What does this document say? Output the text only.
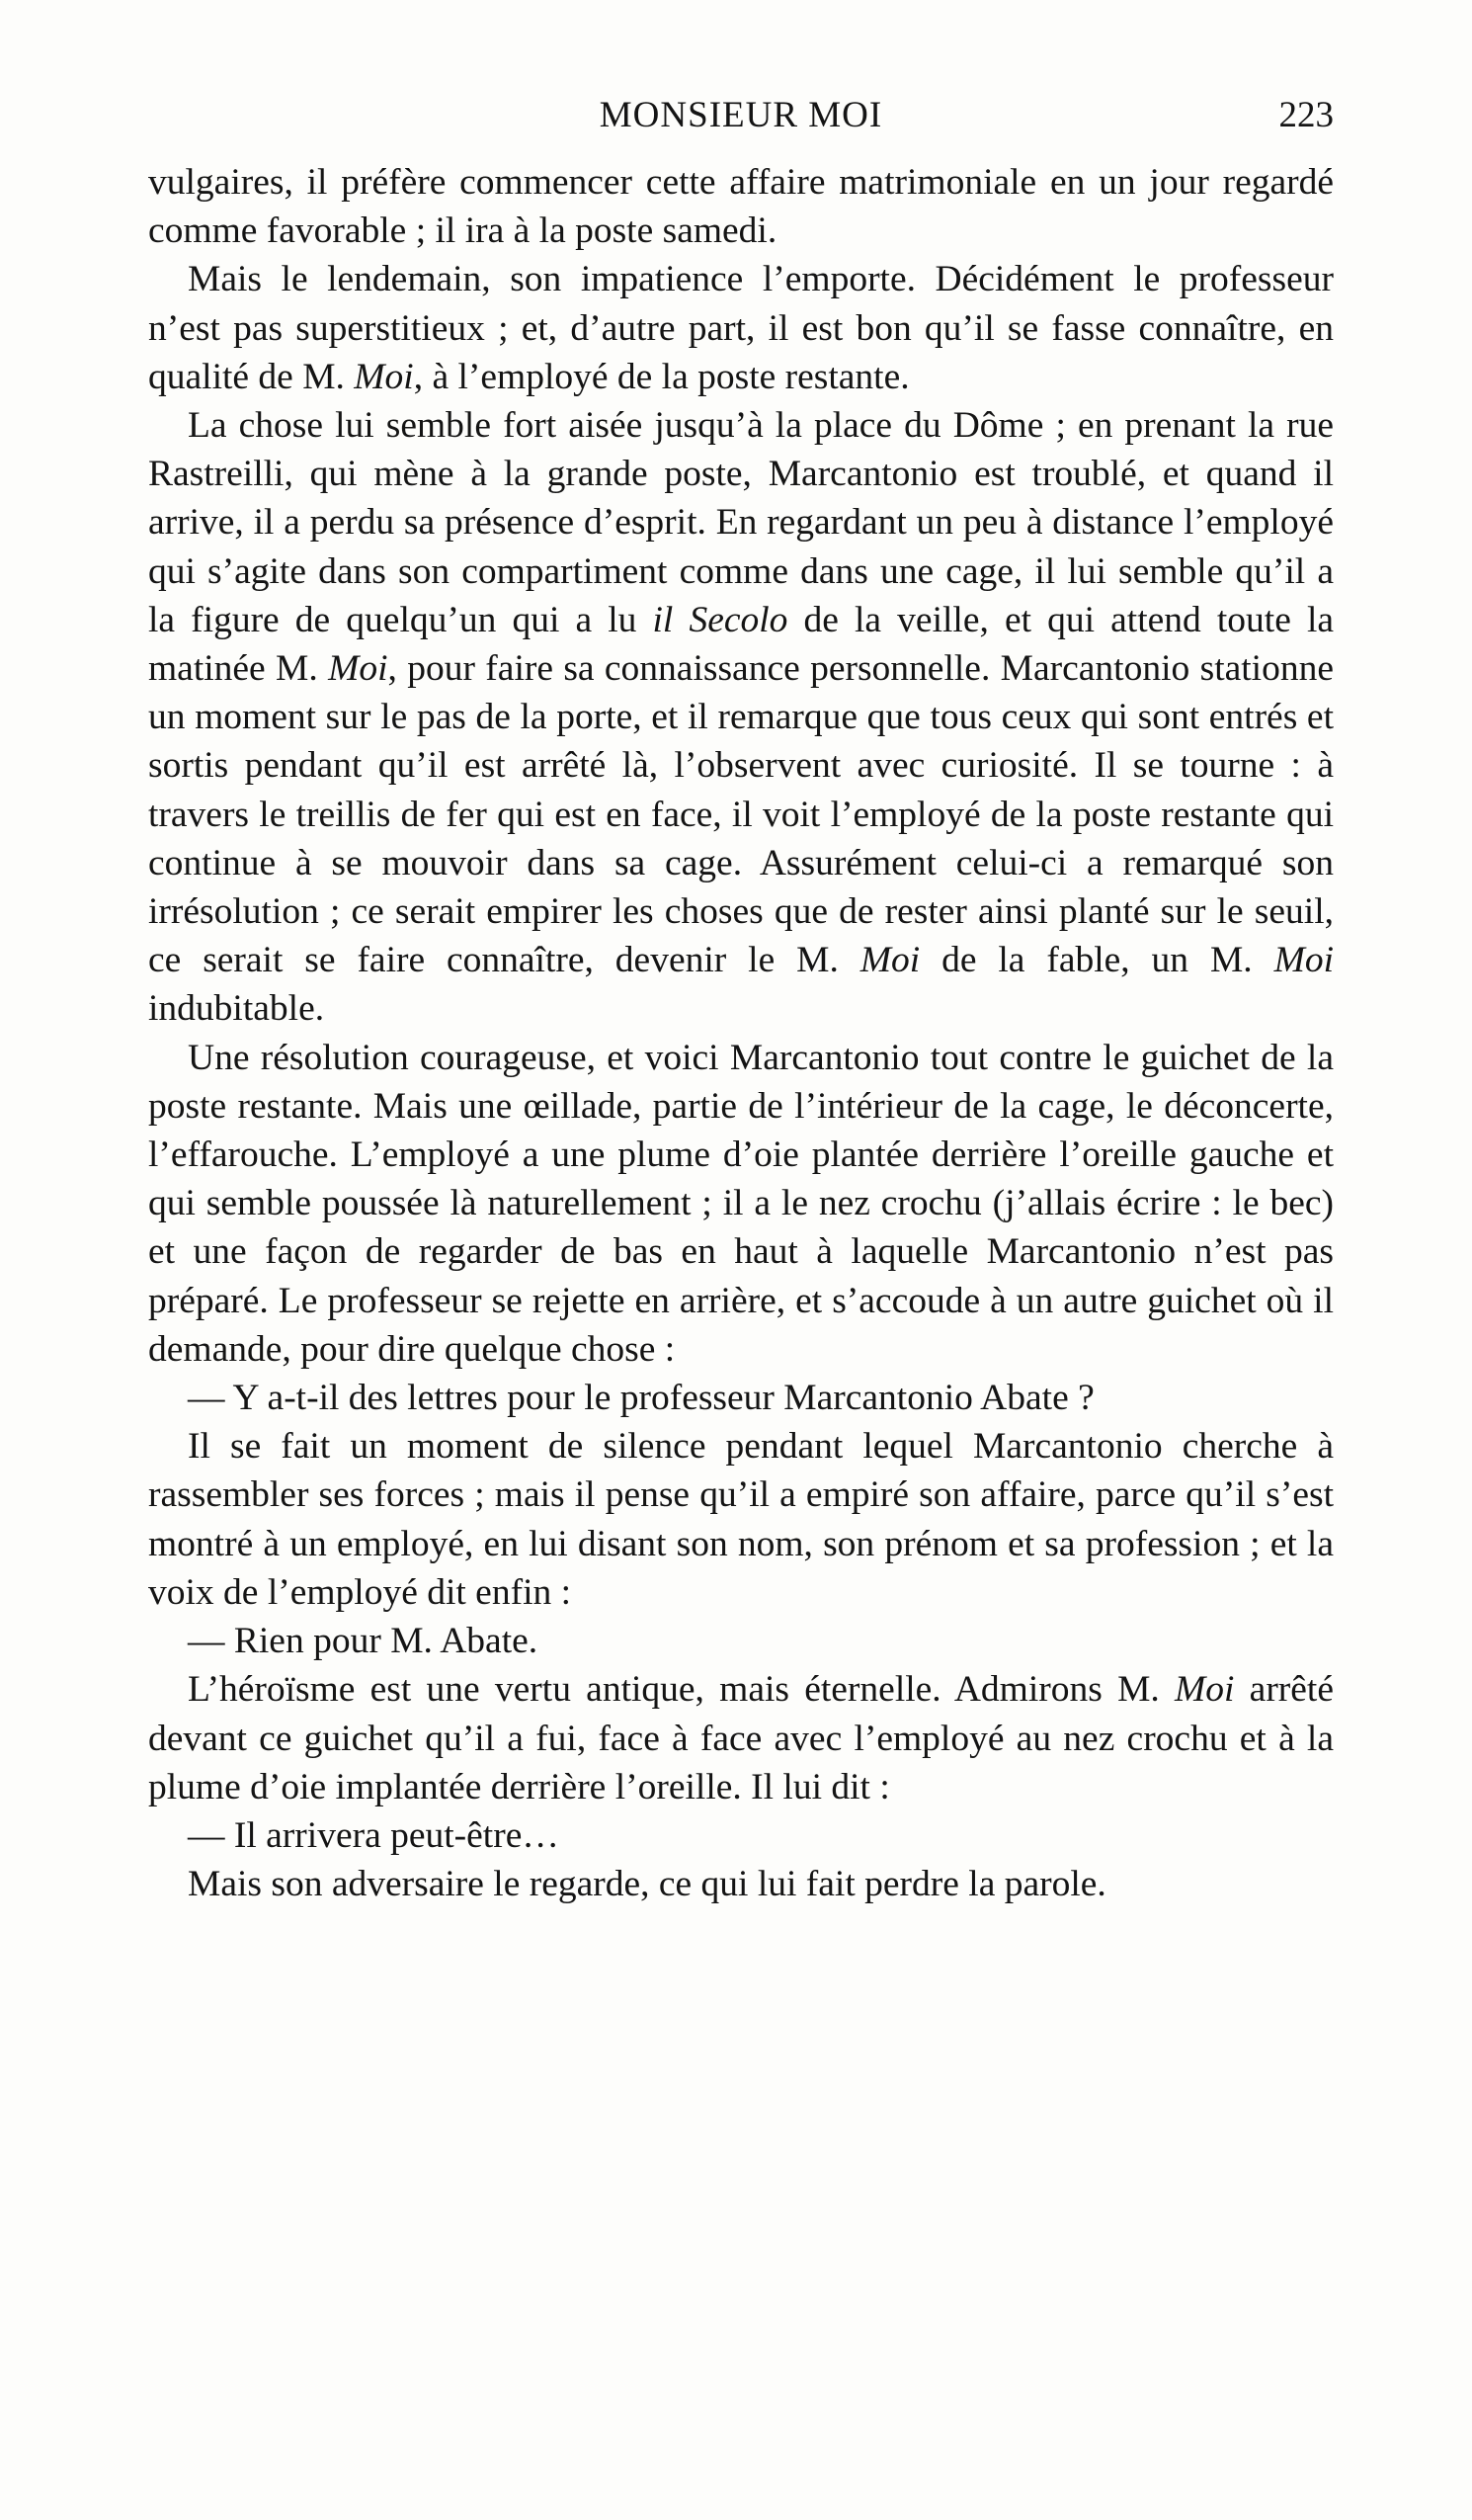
MONSIEUR MOI	223

vulgaires, il préfère commencer cette affaire matrimoniale en un jour regardé comme favorable ; il ira à la poste samedi.

Mais le lendemain, son impatience l’emporte. Décidément le professeur n’est pas superstitieux ; et, d’autre part, il est bon qu’il se fasse connaître, en qualité de M. Moi, à l’employé de la poste restante.

La chose lui semble fort aisée jusqu’à la place du Dôme ; en prenant la rue Rastreilli, qui mène à la grande poste, Marcantonio est troublé, et quand il arrive, il a perdu sa présence d’esprit. En regardant un peu à distance l’employé qui s’agite dans son compartiment comme dans une cage, il lui semble qu’il a la figure de quelqu’un qui a lu il Secolo de la veille, et qui attend toute la matinée M. Moi, pour faire sa connaissance personnelle. Marcantonio stationne un moment sur le pas de la porte, et il remarque que tous ceux qui sont entrés et sortis pendant qu’il est arrêté là, l’observent avec curiosité. Il se tourne : à travers le treillis de fer qui est en face, il voit l’employé de la poste restante qui continue à se mouvoir dans sa cage. Assurément celui-ci a remarqué son irrésolution ; ce serait empirer les choses que de rester ainsi planté sur le seuil, ce serait se faire connaître, devenir le M. Moi de la fable, un M. Moi indubitable.

Une résolution courageuse, et voici Marcantonio tout contre le guichet de la poste restante. Mais une œillade, partie de l’intérieur de la cage, le déconcerte, l’effarouche. L’employé a une plume d’oie plantée derrière l’oreille gauche et qui semble poussée là naturellement ; il a le nez crochu (j’allais écrire : le bec) et une façon de regarder de bas en haut à laquelle Marcantonio n’est pas préparé. Le professeur se rejette en arrière, et s’accoude à un autre guichet où il demande, pour dire quelque chose :

— Y a-t-il des lettres pour le professeur Marcantonio Abate ?

Il se fait un moment de silence pendant lequel Marcantonio cherche à rassembler ses forces ; mais il pense qu’il a empiré son affaire, parce qu’il s’est montré à un employé, en lui disant son nom, son prénom et sa profession ; et la voix de l’employé dit enfin :

— Rien pour M. Abate.

L’héroïsme est une vertu antique, mais éternelle. Admirons M. Moi arrêté devant ce guichet qu’il a fui, face à face avec l’employé au nez crochu et à la plume d’oie implantée derrière l’oreille. Il lui dit :

— Il arrivera peut-être…

Mais son adversaire le regarde, ce qui lui fait perdre la parole.
